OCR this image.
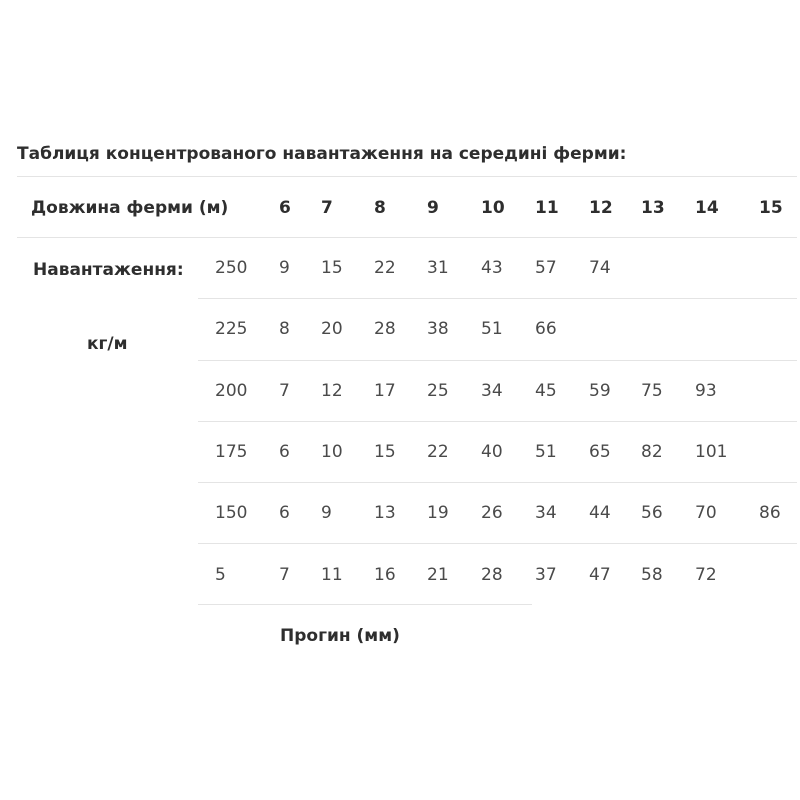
Таблиця концентрованого навантаження на середині ферми:
Довжина ферми (м)	6 7 8 9 10 11 12 13 14 15
Навантаження:
кг/м
250 9 15 22 31 43 57 74
225 8 20 28 38 51 66
200 7 12 17 25 34 45 59 75 93
175 6 10 15 22 40 51 65 82 101
150 6 9 13 19 26 34 44 56 70 86
5	7 11 16 21 28 37 47 58 72
Прогин (мм)
